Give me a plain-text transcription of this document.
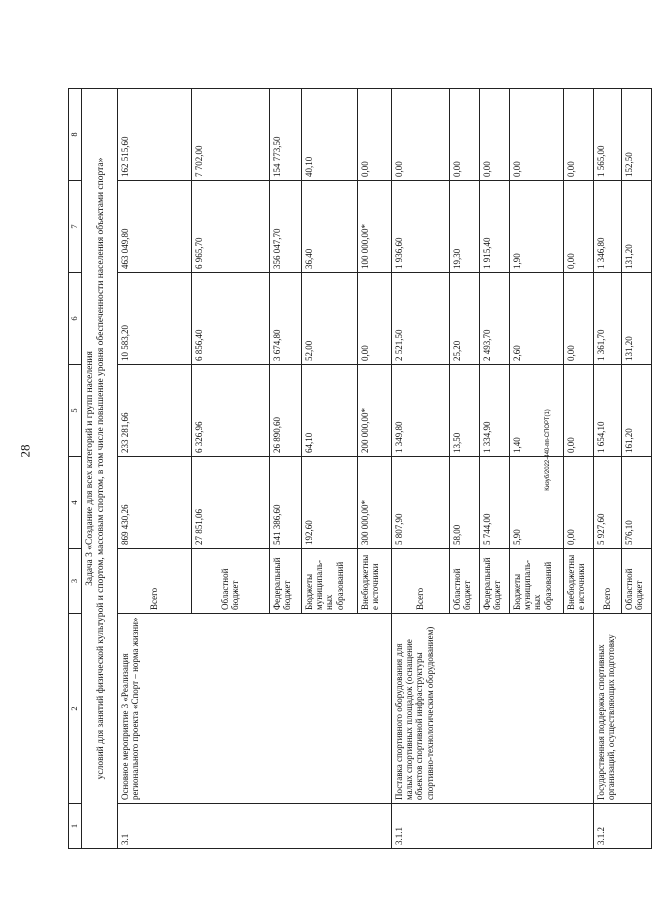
28	Кизуб/2022-440-пп-СПОРТ(1)
1	2	3	4	5	6	7	8

Задача 3 «Создание для всех категорий и групп населения условий для занятий физической культурой и спортом, массовым спортом, в том числе повышение уровня обеспеченности населения объектами спорта»							

3.1	Основное мероприятие 3 «Реализация регионального проекта «Спорт – норма жизни»	Всего	869 430,26	233 281,66	10 583,20	463 049,80	162 515,60
		Областной бюджет	27 851,06	6 326,96	6 856,40	6 965,70	7 702,00
		Федеральный бюджет	541 386,60	26 890,60	3 674,80	356 047,70	154 773,50
		Бюджеты муниципаль-ных образований	192,60	64,10	52,00	36,40	40,10
		Внебюджетные источники	300 000,00*	200 000,00*	0,00	100 000,00*	0,00
3.1.1	Поставка спортивного оборудования для малых спортивных площадок (оснащение объектов спортивной инфраструктуры спортивно-технологическим оборудованием)	Всего	5 807,90	1 349,80	2 521,50	1 936,60	0,00
		Областной бюджет	58,00	13,50	25,20	19,30	0,00
		Федеральный бюджет	5 744,00	1 334,90	2 493,70	1 915,40	0,00
		Бюджеты муниципаль-ных образований	5,90	1,40	2,60	1,90	0,00
		Внебюджетные источники	0,00	0,00	0,00	0,00	0,00
3.1.2	Государственная поддержка спортивных организаций, осуществляющих подготовку	Всего	5 927,60	1 654,10	1 361,70	1 346,80	1 565,00
		Областной бюджет	576,10	161,20	131,20	131,20	152,50
